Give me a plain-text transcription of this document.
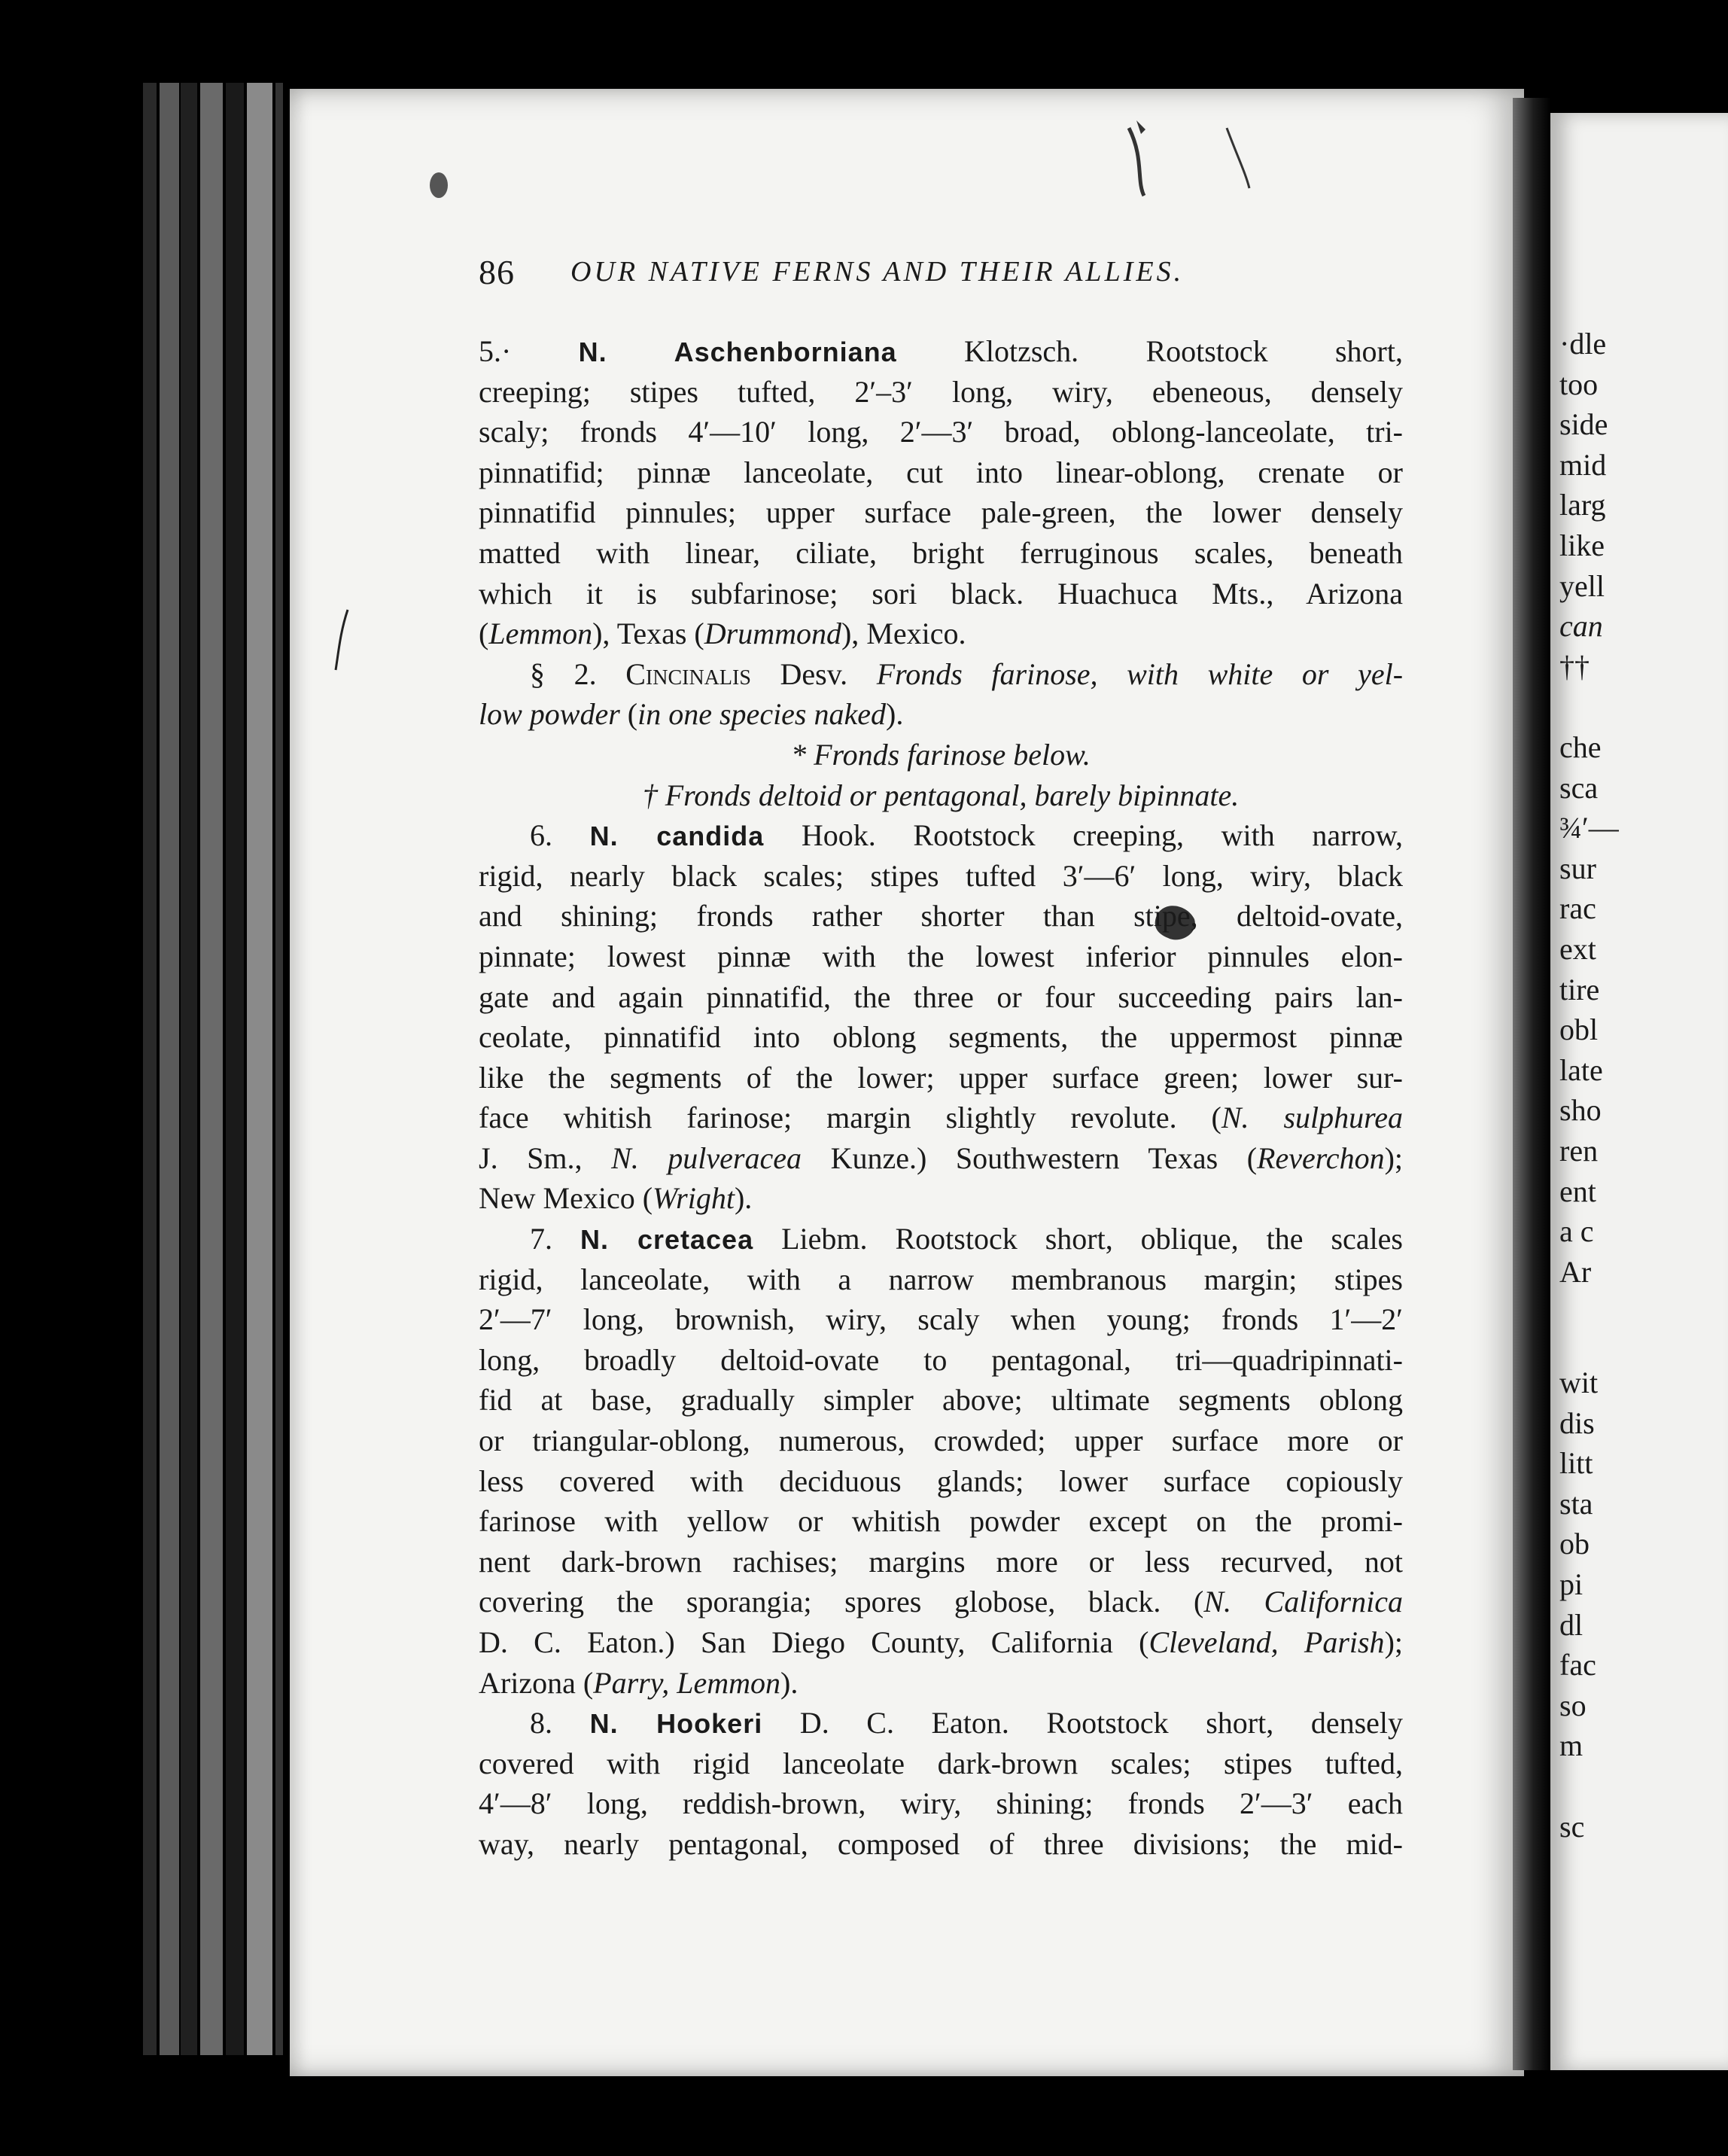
·dle
too
side
mid
larg
like
yell
can
††
che
sca
¾′—
sur
rac
ext
tire
obl
late
sho
ren
ent
a c
Ar
wit
dis
litt
sta
ob
pi
dl
fac
so
m
sc
86 OUR NATIVE FERNS AND THEIR ALLIES.
5.· N. Aschenborniana Klotzsch. Rootstock short,
creeping; stipes tufted, 2′–3′ long, wiry, ebeneous, densely
scaly; fronds 4′—10′ long, 2′—3′ broad, oblong-lanceolate, tri-
pinnatifid; pinnæ lanceolate, cut into linear-oblong, crenate or
pinnatifid pinnules; upper surface pale-green, the lower densely
matted with linear, ciliate, bright ferruginous scales, beneath
which it is subfarinose; sori black. Huachuca Mts., Arizona
(Lemmon), Texas (Drummond), Mexico.
§ 2. Cincinalis Desv. Fronds farinose, with white or yel-
low powder (in one species naked).
* Fronds farinose below.
† Fronds deltoid or pentagonal, barely bipinnate.
6. N. candida Hook. Rootstock creeping, with narrow,
rigid, nearly black scales; stipes tufted 3′—6′ long, wiry, black
and shining; fronds rather shorter than stipe, deltoid-ovate,
pinnate; lowest pinnæ with the lowest inferior pinnules elon-
gate and again pinnatifid, the three or four succeeding pairs lan-
ceolate, pinnatifid into oblong segments, the uppermost pinnæ
like the segments of the lower; upper surface green; lower sur-
face whitish farinose; margin slightly revolute. (N. sulphurea
J. Sm., N. pulveracea Kunze.) Southwestern Texas (Reverchon);
New Mexico (Wright).
7. N. cretacea Liebm. Rootstock short, oblique, the scales
rigid, lanceolate, with a narrow membranous margin; stipes
2′—7′ long, brownish, wiry, scaly when young; fronds 1′—2′
long, broadly deltoid-ovate to pentagonal, tri—quadripinnati-
fid at base, gradually simpler above; ultimate segments oblong
or triangular-oblong, numerous, crowded; upper surface more or
less covered with deciduous glands; lower surface copiously
farinose with yellow or whitish powder except on the promi-
nent dark-brown rachises; margins more or less recurved, not
covering the sporangia; spores globose, black. (N. Californica
D. C. Eaton.) San Diego County, California (Cleveland, Parish);
Arizona (Parry, Lemmon).
8. N. Hookeri D. C. Eaton. Rootstock short, densely
covered with rigid lanceolate dark-brown scales; stipes tufted,
4′—8′ long, reddish-brown, wiry, shining; fronds 2′—3′ each
way, nearly pentagonal, composed of three divisions; the mid-
